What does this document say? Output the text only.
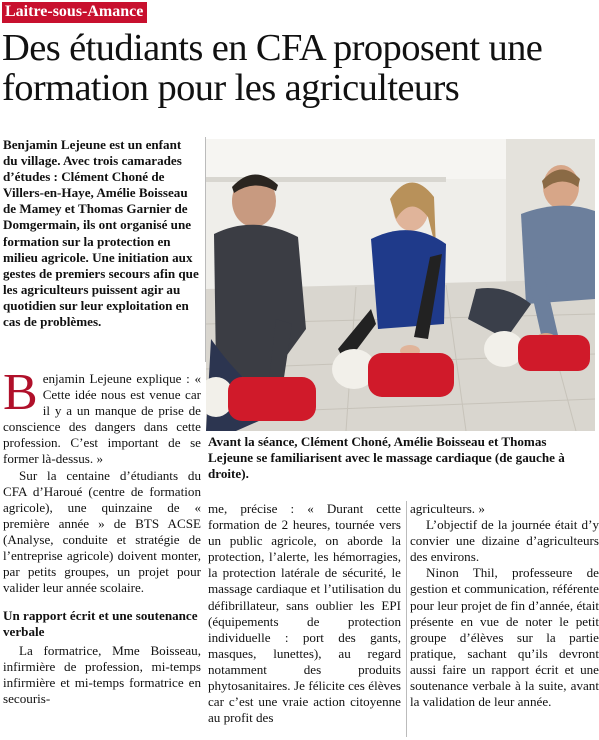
Laitre-sous-Amance
Des étudiants en CFA proposent une formation pour les agriculteurs

Benjamin Lejeune est un enfant du village. Avec trois camarades d’études : Clément Choné de Villers-en-Haye, Amélie Boisseau de Mamey et Thomas Garnier de Domgermain, ils ont organisé une formation sur la protection en milieu agricole. Une initiation aux gestes de premiers secours afin que les agriculteurs puissent agir au quotidien sur leur exploitation en cas de problèmes.

Benjamin Lejeune explique : « Cette idée nous est venue car il y a un manque de prise de conscience des dangers dans cette profession. C’est important de se former là-dessus. »

Sur la centaine d’étudiants du CFA d’Haroué (centre de formation agricole), une quinzaine de « première année » de BTS ACSE (Analyse, conduite et stratégie de l’entreprise agricole) doivent monter, par petits groupes, un projet pour valider leur année scolaire.

Un rapport écrit et une soutenance verbale

La formatrice, Mme Boisseau, infirmière de profession, mi-temps infirmière et mi-temps formatrice en secouris-

Avant la séance, Clément Choné, Amélie Boisseau et Thomas Lejeune se familiarisent avec le massage cardiaque (de gauche à droite).

me, précise : « Durant cette formation de 2 heures, tournée vers un public agricole, on aborde la protection, l’alerte, les hémorragies, la protection latérale de sécurité, le massage cardiaque et l’utilisation du défibrillateur, sans oublier les EPI (équipements de protection individuelle : port des gants, masques, lunettes), au regard notamment des produits phytosanitaires. Je félicite ces élèves car c’est une vraie action citoyenne au profit des

agriculteurs. »

L’objectif de la journée était d’y convier une dizaine d’agriculteurs des environs.

Ninon Thil, professeure de gestion et communication, référente pour leur projet de fin d’année, était présente en vue de noter le petit groupe d’élèves sur la partie pratique, sachant qu’ils devront aussi faire un rapport écrit et une soutenance verbale à la suite, avant la validation de leur année.
